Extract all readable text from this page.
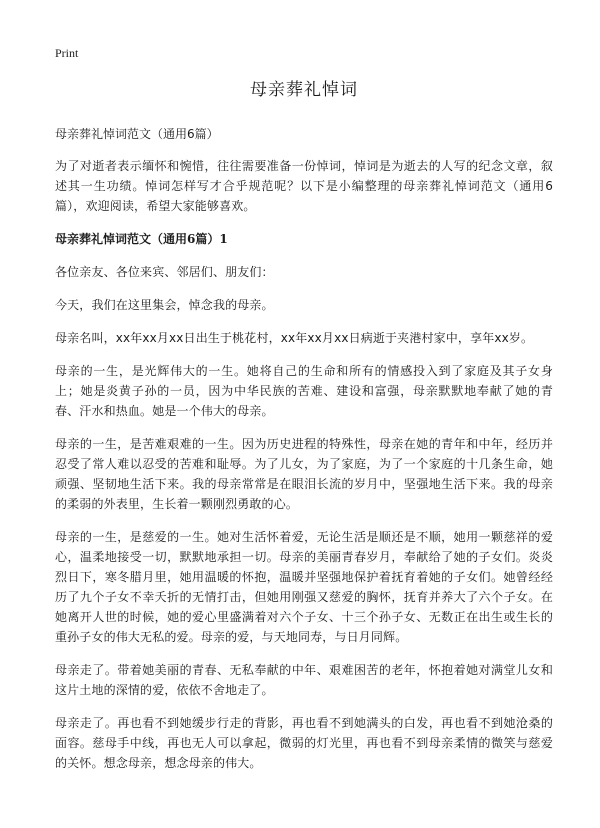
Print
母亲葬礼悼词

母亲葬礼悼词范文（通用6篇）

为了对逝者表示缅怀和惋惜，往往需要准备一份悼词，悼词是为逝去的人写的纪念文章，叙述其一生功绩。悼词怎样写才合乎规范呢？以下是小编整理的母亲葬礼悼词范文（通用6篇），欢迎阅读，希望大家能够喜欢。

母亲葬礼悼词范文（通用6篇）1

各位亲友、各位来宾、邻居们、朋友们：

今天，我们在这里集会，悼念我的母亲。

母亲名叫，xx年xx月xx日出生于桃花村，xx年xx月xx日病逝于夹港村家中，享年xx岁。

母亲的一生，是光辉伟大的一生。她将自己的生命和所有的情感投入到了家庭及其子女身上；她是炎黄子孙的一员，因为中华民族的苦难、建设和富强，母亲默默地奉献了她的青春、汗水和热血。她是一个伟大的母亲。

母亲的一生，是苦难艰难的一生。因为历史进程的特殊性，母亲在她的青年和中年，经历并忍受了常人难以忍受的苦难和耻辱。为了儿女，为了家庭，为了一个家庭的十几条生命，她顽强、坚韧地生活下来。我的母亲常常是在眼泪长流的岁月中，坚强地生活下来。我的母亲的柔弱的外表里，生长着一颗刚烈勇敢的心。

母亲的一生，是慈爱的一生。她对生活怀着爱，无论生活是顺还是不顺，她用一颗慈祥的爱心，温柔地接受一切，默默地承担一切。母亲的美丽青春岁月，奉献给了她的子女们。炎炎烈日下，寒冬腊月里，她用温暖的怀抱，温暖并坚强地保护着抚育着她的子女们。她曾经经历了九个子女不幸夭折的无情打击，但她用刚强又慈爱的胸怀，抚育并养大了六个子女。在她离开人世的时候，她的爱心里盛满着对六个子女、十三个孙子女、无数正在出生或生长的重孙子女的伟大无私的爱。母亲的爱，与天地同寿，与日月同辉。

母亲走了。带着她美丽的青春、无私奉献的中年、艰难困苦的老年，怀抱着她对满堂儿女和这片土地的深情的爱，依依不舍地走了。

母亲走了。再也看不到她缓步行走的背影，再也看不到她满头的白发，再也看不到她沧桑的面容。慈母手中线，再也无人可以拿起，微弱的灯光里，再也看不到母亲柔情的微笑与慈爱的关怀。想念母亲，想念母亲的伟大。
